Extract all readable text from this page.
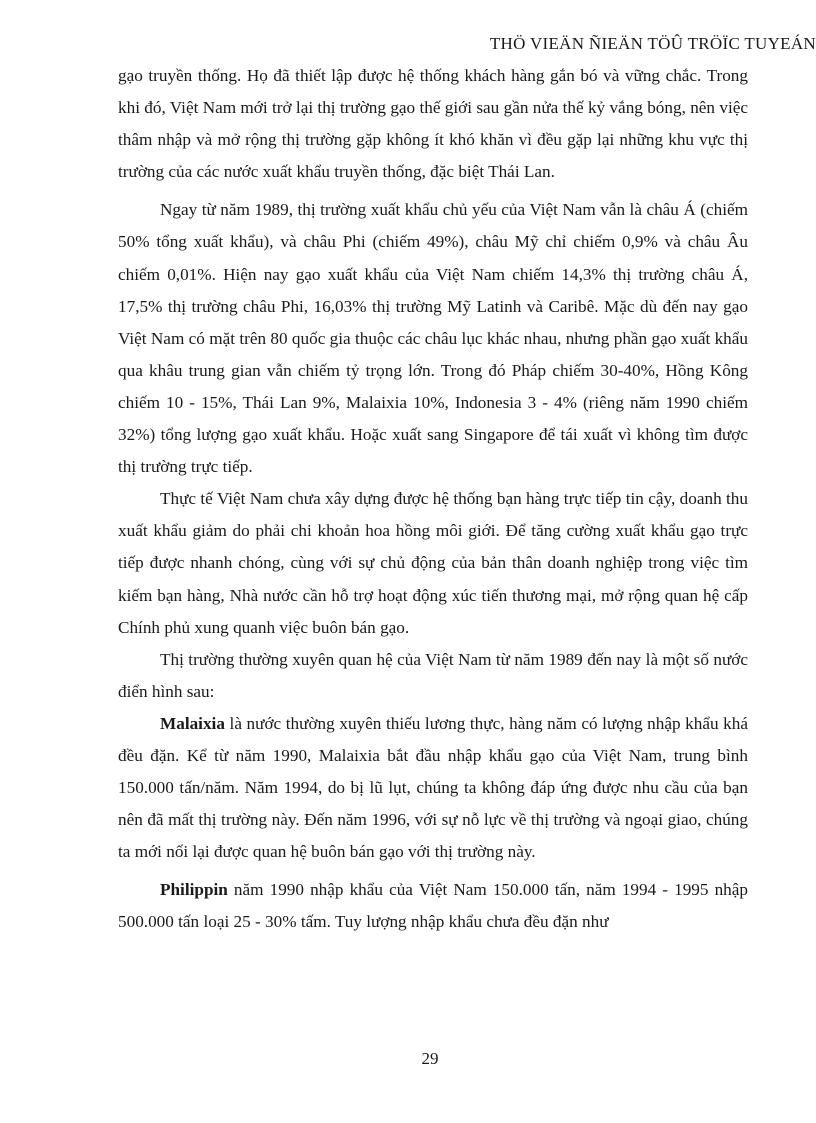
THÖ VIEÄN ÑIEÄN TÖÛ TRÖÏC TUYEÁN

gạo truyền thống. Họ đã thiết lập được hệ thống khách hàng gắn bó và vững chắc. Trong khi đó, Việt Nam mới trở lại thị trường gạo thế giới sau gần nửa thế kỷ vắng bóng, nên việc thâm nhập và mở rộng thị trường gặp không ít khó khăn vì đều gặp lại những khu vực thị trường của các nước xuất khẩu truyền thống, đặc biệt Thái Lan.

Ngay từ năm 1989, thị trường xuất khẩu chủ yếu của Việt Nam vẫn là châu Á (chiếm 50% tổng xuất khẩu), và châu Phi (chiếm 49%), châu Mỹ chỉ chiếm 0,9% và châu Âu chiếm 0,01%. Hiện nay gạo xuất khẩu của Việt Nam chiếm 14,3% thị trường châu Á, 17,5% thị trường châu Phi, 16,03% thị trường Mỹ Latinh và Caribê. Mặc dù đến nay gạo Việt Nam có mặt trên 80 quốc gia thuộc các châu lục khác nhau, nhưng phần gạo xuất khẩu qua khâu trung gian vẫn chiếm tỷ trọng lớn. Trong đó Pháp chiếm 30-40%, Hồng Kông chiếm 10 - 15%, Thái Lan 9%, Malaixia 10%, Indonesia 3 - 4% (riêng năm 1990 chiếm 32%) tổng lượng gạo xuất khẩu. Hoặc xuất sang Singapore để tái xuất vì không tìm được thị trường trực tiếp.

Thực tế Việt Nam chưa xây dựng được hệ thống bạn hàng trực tiếp tin cậy, doanh thu xuất khẩu giảm do phải chi khoản hoa hồng môi giới. Để tăng cường xuất khẩu gạo trực tiếp được nhanh chóng, cùng với sự chủ động của bản thân doanh nghiệp trong việc tìm kiếm bạn hàng, Nhà nước cần hỗ trợ hoạt động xúc tiến thương mại, mở rộng quan hệ cấp Chính phủ xung quanh việc buôn bán gạo.

Thị trường thường xuyên quan hệ của Việt Nam từ năm 1989 đến nay là một số nước điển hình sau:

Malaixia là nước thường xuyên thiếu lương thực, hàng năm có lượng nhập khẩu khá đều đặn. Kể từ năm 1990, Malaixia bắt đầu nhập khẩu gạo của Việt Nam, trung bình 150.000 tấn/năm. Năm 1994, do bị lũ lụt, chúng ta không đáp ứng được nhu cầu của bạn nên đã mất thị trường này. Đến năm 1996, với sự nỗ lực về thị trường và ngoại giao, chúng ta mới nối lại được quan hệ buôn bán gạo với thị trường này.

Philippin năm 1990 nhập khẩu của Việt Nam 150.000 tấn, năm 1994 - 1995 nhập 500.000 tấn loại 25 - 30% tấm. Tuy lượng nhập khẩu chưa đều đặn như

29
